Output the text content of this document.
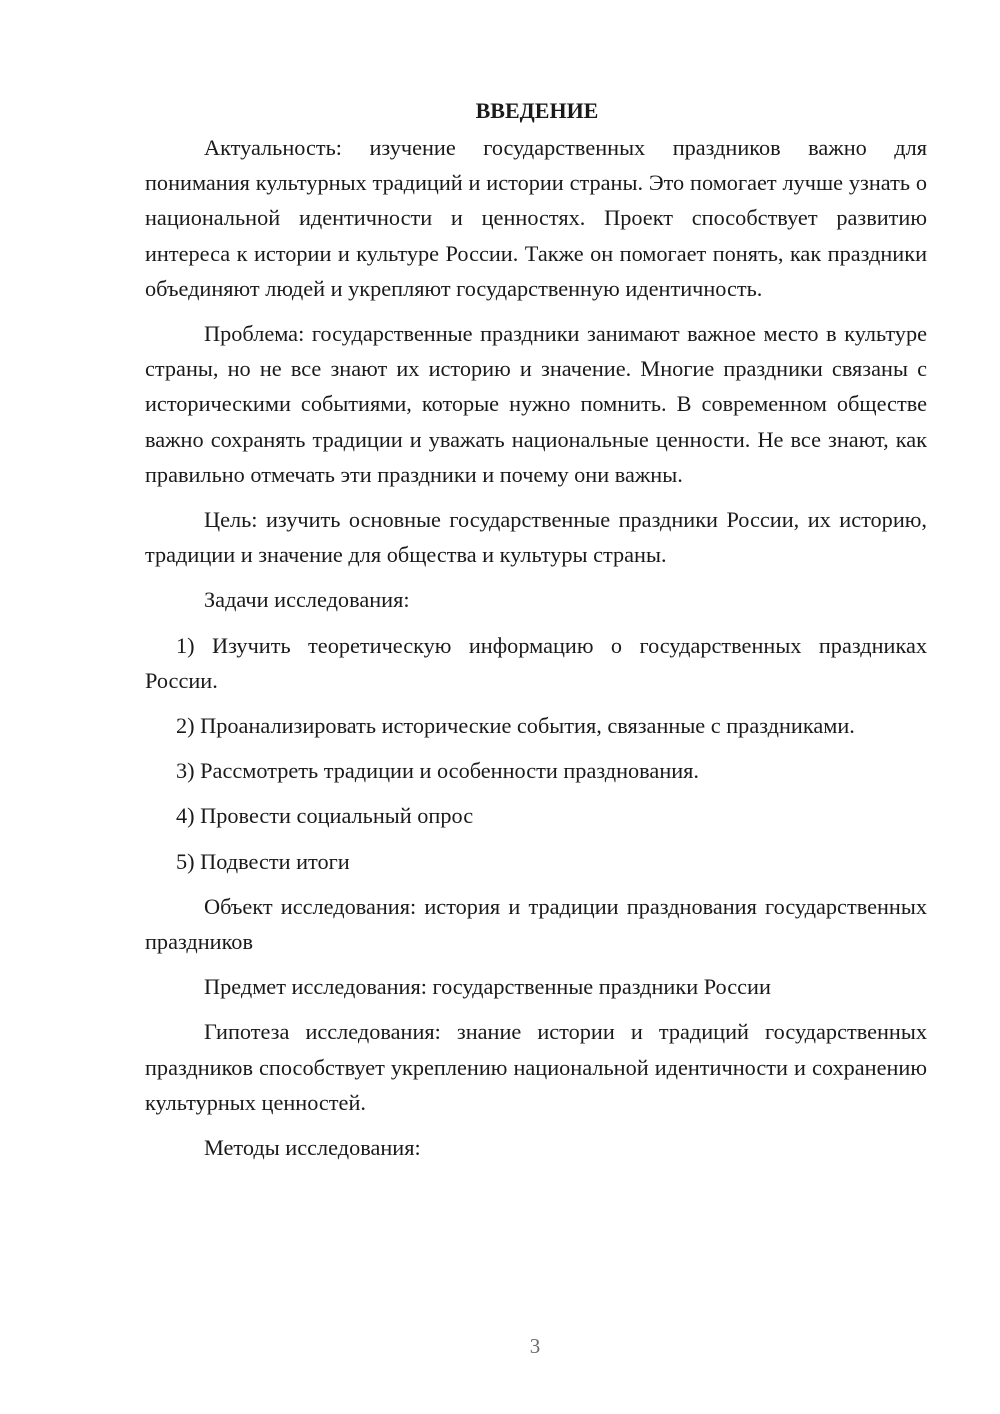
ВВЕДЕНИЕ

Актуальность: изучение государственных праздников важно для понимания культурных традиций и истории страны. Это помогает лучше узнать о национальной идентичности и ценностях. Проект способствует развитию интереса к истории и культуре России. Также он помогает понять, как праздники объединяют людей и укрепляют государственную идентичность.

Проблема: государственные праздники занимают важное место в культуре страны, но не все знают их историю и значение. Многие праздники связаны с историческими событиями, которые нужно помнить. В современном обществе важно сохранять традиции и уважать национальные ценности. Не все знают, как правильно отмечать эти праздники и почему они важны.

Цель: изучить основные государственные праздники России, их историю, традиции и значение для общества и культуры страны.

Задачи исследования:

1) Изучить теоретическую информацию о государственных праздниках России.

2) Проанализировать исторические события, связанные с праздниками.

3) Рассмотреть традиции и особенности празднования.

4) Провести социальный опрос

5) Подвести итоги

Объект исследования: история и традиции празднования государственных праздников

Предмет исследования: государственные праздники России

Гипотеза исследования: знание истории и традиций государственных праздников способствует укреплению национальной идентичности и сохранению культурных ценностей.

Методы исследования:

3
